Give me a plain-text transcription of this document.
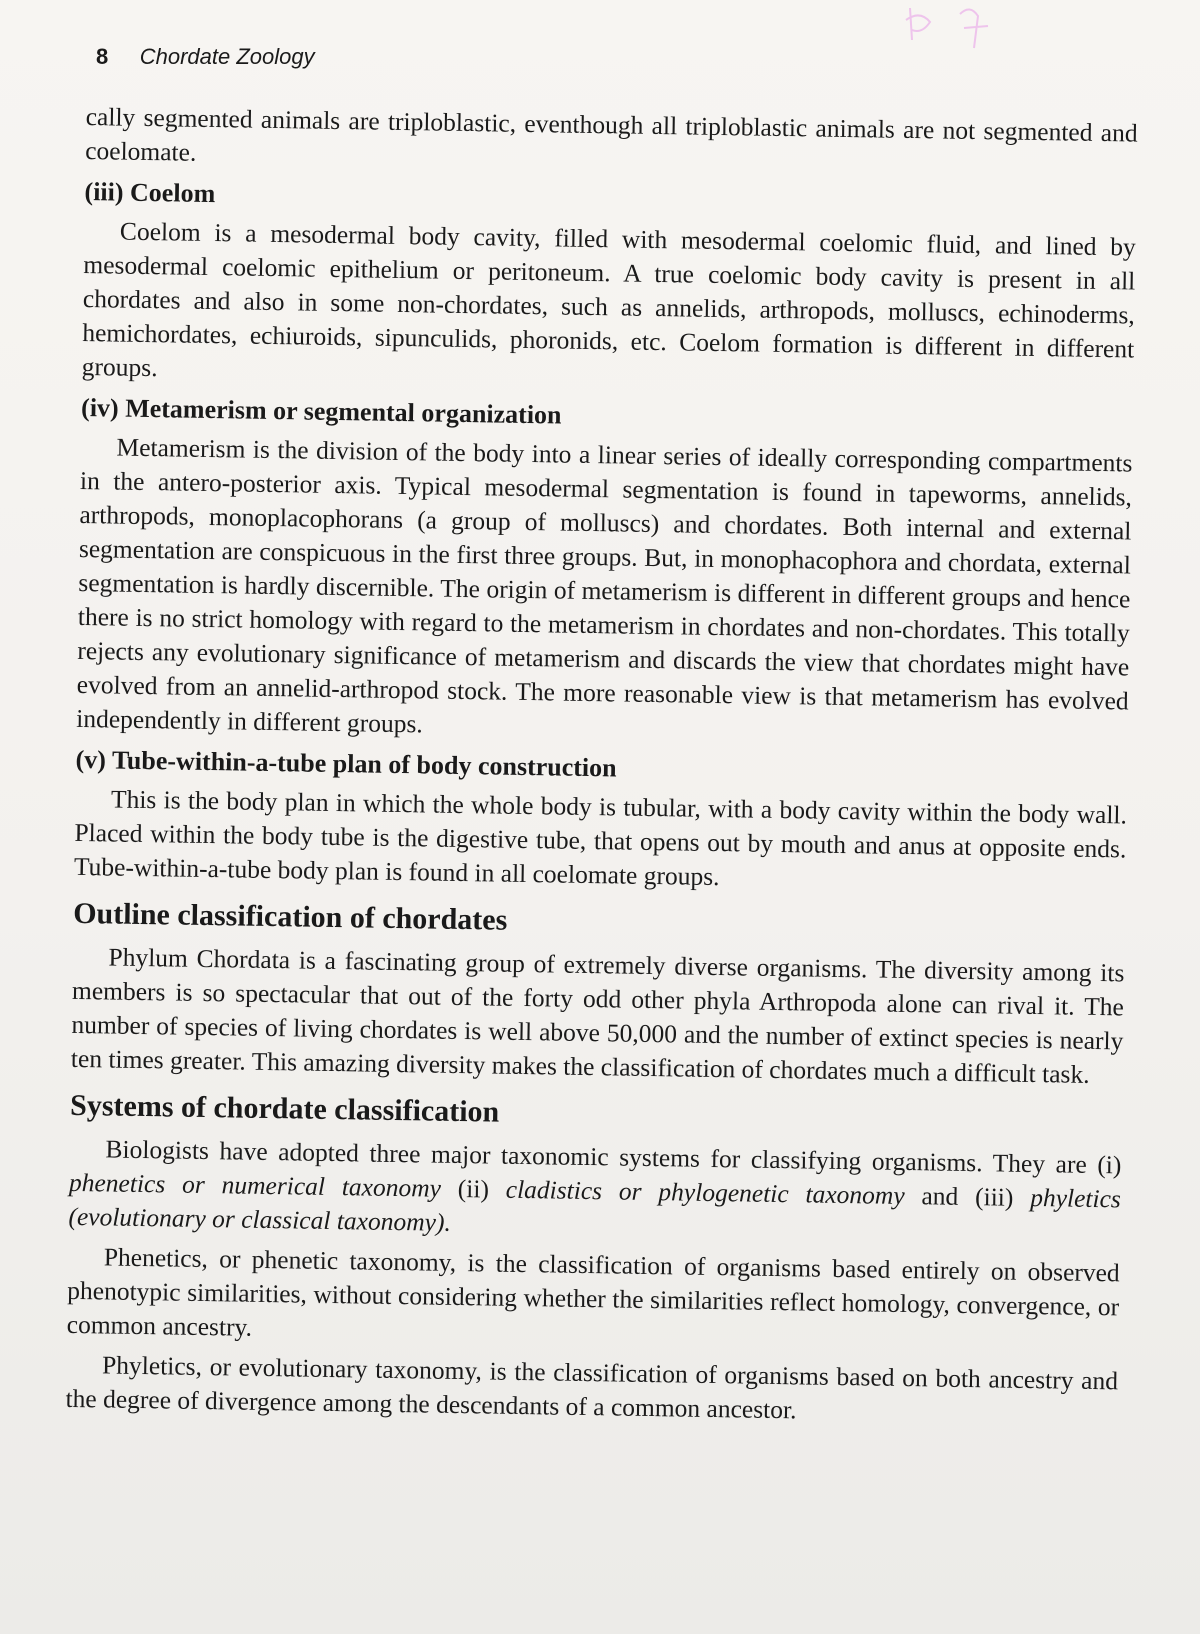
8 Chordate Zoology

cally segmented animals are triploblastic, eventhough all triploblastic animals are not segmented and coelomate.

(iii) Coelom

Coelom is a mesodermal body cavity, filled with mesodermal coelomic fluid, and lined by mesodermal coelomic epithelium or peritoneum. A true coelomic body cavity is present in all chordates and also in some non-chordates, such as annelids, arthropods, molluscs, echinoderms, hemichordates, echiuroids, sipunculids, phoronids, etc. Coelom formation is different in different groups.

(iv) Metamerism or segmental organization

Metamerism is the division of the body into a linear series of ideally corresponding compartments in the antero-posterior axis. Typical mesodermal segmentation is found in tapeworms, annelids, arthropods, monoplacophorans (a group of molluscs) and chordates. Both internal and external segmentation are conspicuous in the first three groups. But, in monophacophora and chordata, external segmentation is hardly discernible. The origin of metamerism is different in different groups and hence there is no strict homology with regard to the metamerism in chordates and non-chordates. This totally rejects any evolutionary significance of metamerism and discards the view that chordates might have evolved from an annelid-arthropod stock. The more reasonable view is that metamerism has evolved independently in different groups.

(v) Tube-within-a-tube plan of body construction

This is the body plan in which the whole body is tubular, with a body cavity within the body wall. Placed within the body tube is the digestive tube, that opens out by mouth and anus at opposite ends. Tube-within-a-tube body plan is found in all coelomate groups.

Outline classification of chordates

Phylum Chordata is a fascinating group of extremely diverse organisms. The diversity among its members is so spectacular that out of the forty odd other phyla Arthropoda alone can rival it. The number of species of living chordates is well above 50,000 and the number of extinct species is nearly ten times greater. This amazing diversity makes the classification of chordates much a difficult task.

Systems of chordate classification

Biologists have adopted three major taxonomic systems for classifying organisms. They are (i) phenetics or numerical taxonomy (ii) cladistics or phylogenetic taxonomy and (iii) phyletics (evolutionary or classical taxonomy).

Phenetics, or phenetic taxonomy, is the classification of organisms based entirely on observed phenotypic similarities, without considering whether the similarities reflect homology, convergence, or common ancestry.

Phyletics, or evolutionary taxonomy, is the classification of organisms based on both ancestry and the degree of divergence among the descendants of a common ancestor.
